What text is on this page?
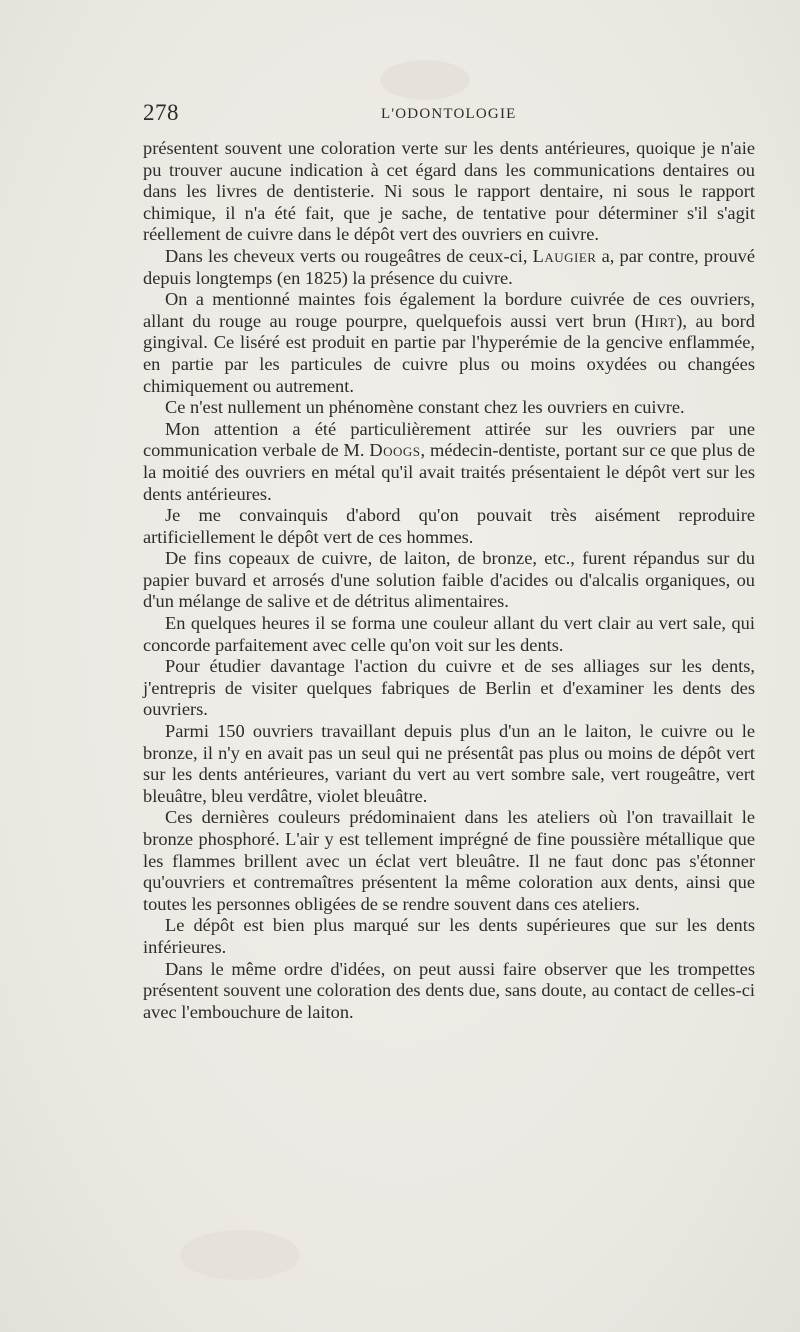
278	L'ODONTOLOGIE

présentent souvent une coloration verte sur les dents antérieures, quoique je n'aie pu trouver aucune indication à cet égard dans les communications dentaires ou dans les livres de dentisterie. Ni sous le rapport dentaire, ni sous le rapport chimique, il n'a été fait, que je sache, de tentative pour déterminer s'il s'agit réellement de cuivre dans le dépôt vert des ouvriers en cuivre.

Dans les cheveux verts ou rougeâtres de ceux-ci, Laugier a, par contre, prouvé depuis longtemps (en 1825) la présence du cuivre.

On a mentionné maintes fois également la bordure cuivrée de ces ouvriers, allant du rouge au rouge pourpre, quelquefois aussi vert brun (Hirt), au bord gingival. Ce liséré est produit en partie par l'hyperémie de la gencive enflammée, en partie par les particules de cuivre plus ou moins oxydées ou changées chimiquement ou autrement.

Ce n'est nullement un phénomène constant chez les ouvriers en cuivre.

Mon attention a été particulièrement attirée sur les ouvriers par une communication verbale de M. Doogs, médecin-dentiste, portant sur ce que plus de la moitié des ouvriers en métal qu'il avait traités présentaient le dépôt vert sur les dents antérieures.

Je me convainquis d'abord qu'on pouvait très aisément reproduire artificiellement le dépôt vert de ces hommes.

De fins copeaux de cuivre, de laiton, de bronze, etc., furent répandus sur du papier buvard et arrosés d'une solution faible d'acides ou d'alcalis organiques, ou d'un mélange de salive et de détritus alimentaires.

En quelques heures il se forma une couleur allant du vert clair au vert sale, qui concorde parfaitement avec celle qu'on voit sur les dents.

Pour étudier davantage l'action du cuivre et de ses alliages sur les dents, j'entrepris de visiter quelques fabriques de Berlin et d'examiner les dents des ouvriers.

Parmi 150 ouvriers travaillant depuis plus d'un an le laiton, le cuivre ou le bronze, il n'y en avait pas un seul qui ne présentât pas plus ou moins de dépôt vert sur les dents antérieures, variant du vert au vert sombre sale, vert rougeâtre, vert bleuâtre, bleu verdâtre, violet bleuâtre.

Ces dernières couleurs prédominaient dans les ateliers où l'on travaillait le bronze phosphoré. L'air y est tellement imprégné de fine poussière métallique que les flammes brillent avec un éclat vert bleuâtre. Il ne faut donc pas s'étonner qu'ouvriers et contremaîtres présentent la même coloration aux dents, ainsi que toutes les personnes obligées de se rendre souvent dans ces ateliers.

Le dépôt est bien plus marqué sur les dents supérieures que sur les dents inférieures.

Dans le même ordre d'idées, on peut aussi faire observer que les trompettes présentent souvent une coloration des dents due, sans doute, au contact de celles-ci avec l'embouchure de laiton.
